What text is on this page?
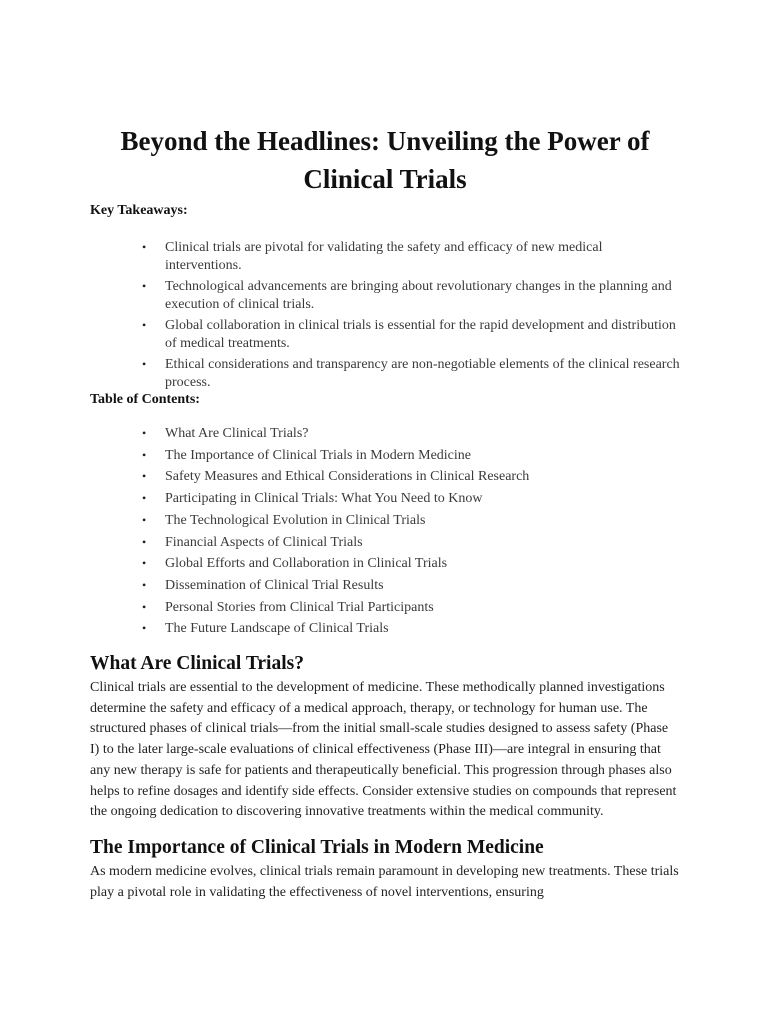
Beyond the Headlines: Unveiling the Power of Clinical Trials

Key Takeaways:

• Clinical trials are pivotal for validating the safety and efficacy of new medical interventions.
• Technological advancements are bringing about revolutionary changes in the planning and execution of clinical trials.
• Global collaboration in clinical trials is essential for the rapid development and distribution of medical treatments.
• Ethical considerations and transparency are non-negotiable elements of the clinical research process.

Table of Contents:

• What Are Clinical Trials?
• The Importance of Clinical Trials in Modern Medicine
• Safety Measures and Ethical Considerations in Clinical Research
• Participating in Clinical Trials: What You Need to Know
• The Technological Evolution in Clinical Trials
• Financial Aspects of Clinical Trials
• Global Efforts and Collaboration in Clinical Trials
• Dissemination of Clinical Trial Results
• Personal Stories from Clinical Trial Participants
• The Future Landscape of Clinical Trials
What Are Clinical Trials?

Clinical trials are essential to the development of medicine. These methodically planned investigations determine the safety and efficacy of a medical approach, therapy, or technology for human use. The structured phases of clinical trials—from the initial small-scale studies designed to assess safety (Phase I) to the later large-scale evaluations of clinical effectiveness (Phase III)—are integral in ensuring that any new therapy is safe for patients and therapeutically beneficial. This progression through phases also helps to refine dosages and identify side effects. Consider extensive studies on compounds that represent the ongoing dedication to discovering innovative treatments within the medical community.

The Importance of Clinical Trials in Modern Medicine

As modern medicine evolves, clinical trials remain paramount in developing new treatments. These trials play a pivotal role in validating the effectiveness of novel interventions, ensuring
